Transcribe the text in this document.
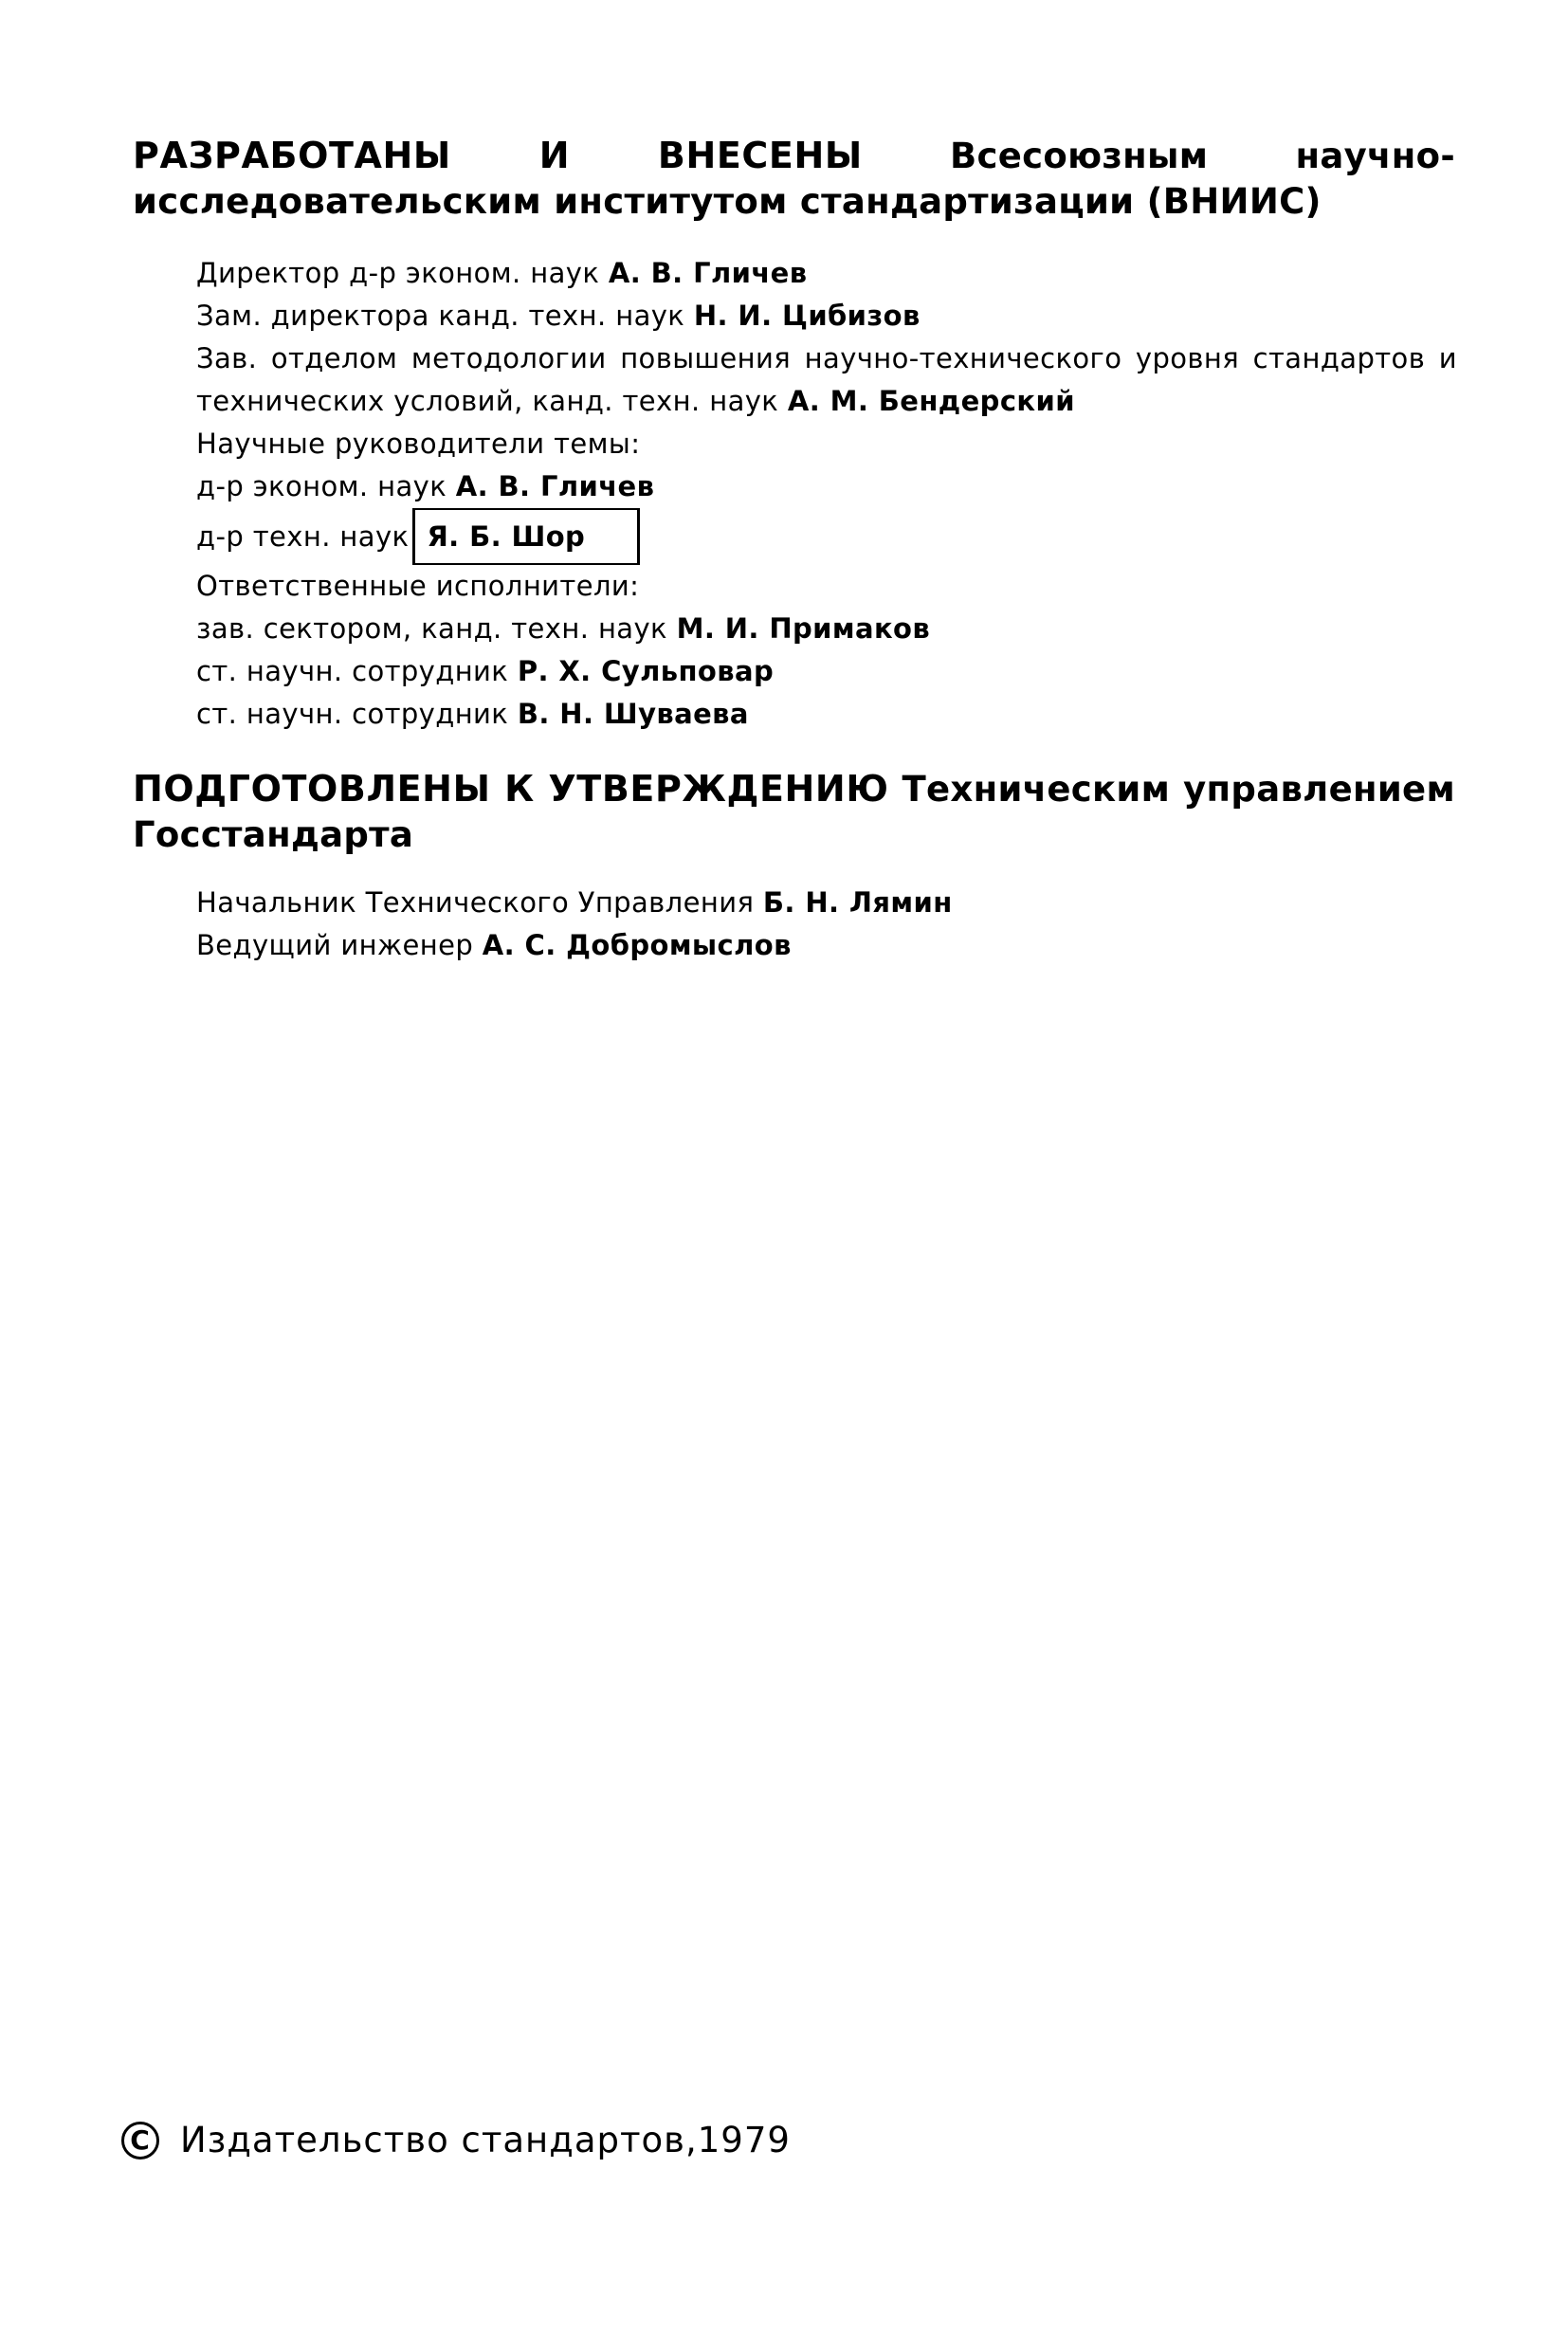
РАЗРАБОТАНЫ И ВНЕСЕНЫ Всесоюзным научно-исследовательским институтом стандартизации (ВНИИС)
Директор д-р эконом. наук А. В. Гличев
Зам. директора канд. техн. наук Н. И. Цибизов
Зав. отделом методологии повышения научно-технического уровня стандартов и технических условий, канд. техн. наук А. М. Бендерский
Научные руководители темы:
д-р эконом. наук А. В. Гличев
д-р техн. наук Я. Б. Шор
Ответственные исполнители:
зав. сектором, канд. техн. наук М. И. Примаков
ст. научн. сотрудник Р. Х. Сульповар
ст. научн. сотрудник В. Н. Шуваева
ПОДГОТОВЛЕНЫ К УТВЕРЖДЕНИЮ Техническим управлением Госстандарта
Начальник Технического Управления Б. Н. Лямин
Ведущий инженер А. С. Добромыслов
C Издательство стандартов,1979
